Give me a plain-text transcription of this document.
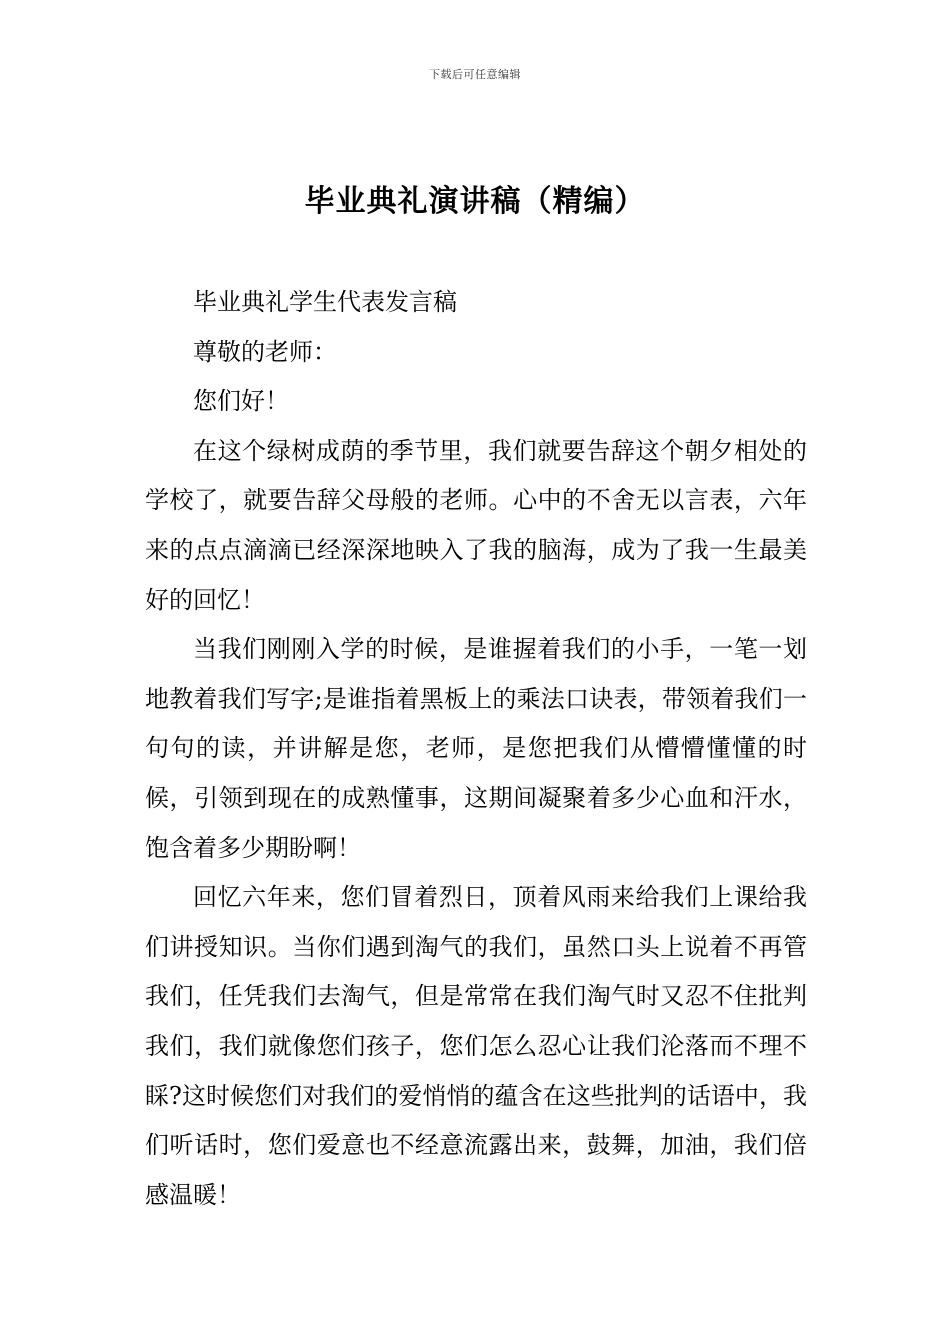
下载后可任意编辑
毕业典礼演讲稿（精编）

毕业典礼学生代表发言稿

尊敬的老师：

您们好！

在这个绿树成荫的季节里，我们就要告辞这个朝夕相处的学校了，就要告辞父母般的老师。心中的不舍无以言表，六年来的点点滴滴已经深深地映入了我的脑海，成为了我一生最美好的回忆！

当我们刚刚入学的时候，是谁握着我们的小手，一笔一划地教着我们写字;是谁指着黑板上的乘法口诀表，带领着我们一句句的读，并讲解是您，老师，是您把我们从懵懵懂懂的时候，引领到现在的成熟懂事，这期间凝聚着多少心血和汗水，饱含着多少期盼啊！

回忆六年来，您们冒着烈日，顶着风雨来给我们上课给我们讲授知识。当你们遇到淘气的我们，虽然口头上说着不再管我们，任凭我们去淘气，但是常常在我们淘气时又忍不住批判我们，我们就像您们孩子，您们怎么忍心让我们沦落而不理不睬?这时候您们对我们的爱悄悄的蕴含在这些批判的话语中，我们听话时，您们爱意也不经意流露出来，鼓舞，加油，我们倍感温暖！
